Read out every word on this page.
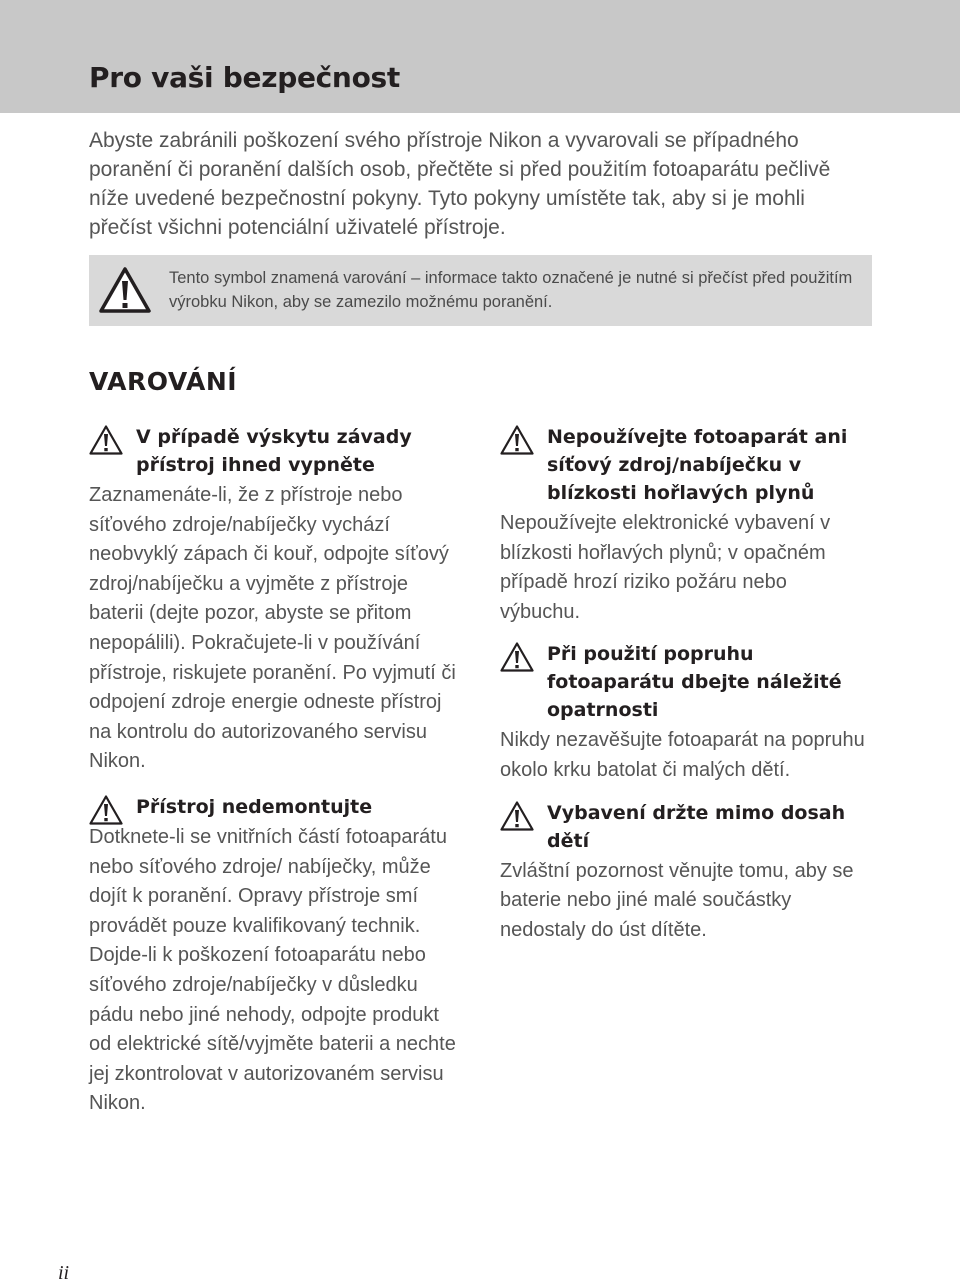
Pro vaši bezpečnost

Abyste zabránili poškození svého přístroje Nikon a vyvarovali se případného poranění či poranění dalších osob, přečtěte si před použitím fotoaparátu pečlivě níže uvedené bezpečnostní pokyny. Tyto pokyny umístěte tak, aby si je mohli přečíst všichni potenciální uživatelé přístroje.

Tento symbol znamená varování – informace takto označené je nutné si přečíst před použitím výrobku Nikon, aby se zamezilo možnému poranění.

VAROVÁNÍ
V případě výskytu závady přístroj ihned vypněte

Zaznamenáte-li, že z přístroje nebo síťového zdroje/nabíječky vychází neobvyklý zápach či kouř, odpojte síťový zdroj/nabíječku a vyjměte z přístroje baterii (dejte pozor, abyste se přitom nepopálili). Pokračujete-li v používání přístroje, riskujete poranění. Po vyjmutí či odpojení zdroje energie odneste přístroj na kontrolu do autorizovaného servisu Nikon.

Přístroj nedemontujte

Dotknete-li se vnitřních částí fotoaparátu nebo síťového zdroje/ nabíječky, může dojít k poranění. Opravy přístroje smí provádět pouze kvalifikovaný technik. Dojde-li k poškození fotoaparátu nebo síťového zdroje/nabíječky v důsledku pádu nebo jiné nehody, odpojte produkt od elektrické sítě/vyjměte baterii a nechte jej zkontrolovat v autorizovaném servisu Nikon.

Nepoužívejte fotoaparát ani síťový zdroj/nabíječku v blízkosti hořlavých plynů

Nepoužívejte elektronické vybavení v blízkosti hořlavých plynů; v opačném případě hrozí riziko požáru nebo výbuchu.

Při použití popruhu fotoaparátu dbejte náležité opatrnosti

Nikdy nezavěšujte fotoaparát na popruhu okolo krku batolat či malých dětí.

Vybavení držte mimo dosah dětí

Zvláštní pozornost věnujte tomu, aby se baterie nebo jiné malé součástky nedostaly do úst dítěte.

ii
